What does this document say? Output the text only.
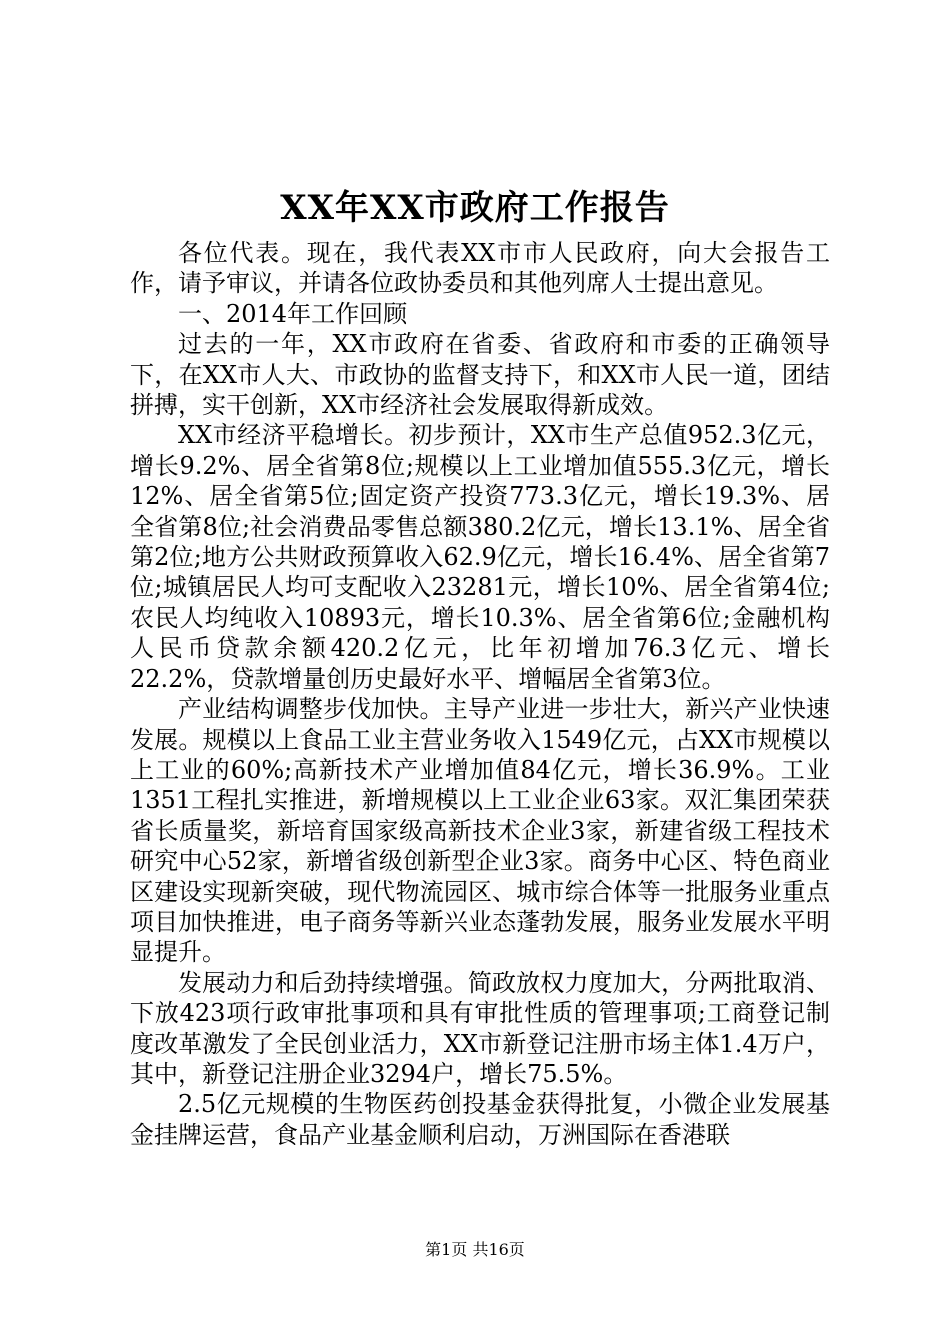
XX年XX市政府工作报告

各位代表。现在，我代表XX市市人民政府，向大会报告工作，请予审议，并请各位政协委员和其他列席人士提出意见。

一、2014年工作回顾

过去的一年，XX市政府在省委、省政府和市委的正确领导下，在XX市人大、市政协的监督支持下，和XX市人民一道，团结拼搏，实干创新，XX市经济社会发展取得新成效。

XX市经济平稳增长。初步预计，XX市生产总值952.3亿元，增长9.2%、居全省第8位;规模以上工业增加值555.3亿元，增长12%、居全省第5位;固定资产投资773.3亿元，增长19.3%、居全省第8位;社会消费品零售总额380.2亿元，增长13.1%、居全省第2位;地方公共财政预算收入62.9亿元，增长16.4%、居全省第7位;城镇居民人均可支配收入23281元，增长10%、居全省第4位;农民人均纯收入10893元，增长10.3%、居全省第6位;金融机构人民币贷款余额420.2亿元，比年初增加76.3亿元、增长22.2%，贷款增量创历史最好水平、增幅居全省第3位。

产业结构调整步伐加快。主导产业进一步壮大，新兴产业快速发展。规模以上食品工业主营业务收入1549亿元，占XX市规模以上工业的60%;高新技术产业增加值84亿元，增长36.9%。工业1351工程扎实推进，新增规模以上工业企业63家。双汇集团荣获省长质量奖，新培育国家级高新技术企业3家，新建省级工程技术研究中心52家，新增省级创新型企业3家。商务中心区、特色商业区建设实现新突破，现代物流园区、城市综合体等一批服务业重点项目加快推进，电子商务等新兴业态蓬勃发展，服务业发展水平明显提升。

发展动力和后劲持续增强。简政放权力度加大，分两批取消、下放423项行政审批事项和具有审批性质的管理事项;工商登记制度改革激发了全民创业活力，XX市新登记注册市场主体1.4万户，其中，新登记注册企业3294户，增长75.5%。

2.5亿元规模的生物医药创投基金获得批复，小微企业发展基金挂牌运营，食品产业基金顺利启动，万洲国际在香港联

第1页 共16页
